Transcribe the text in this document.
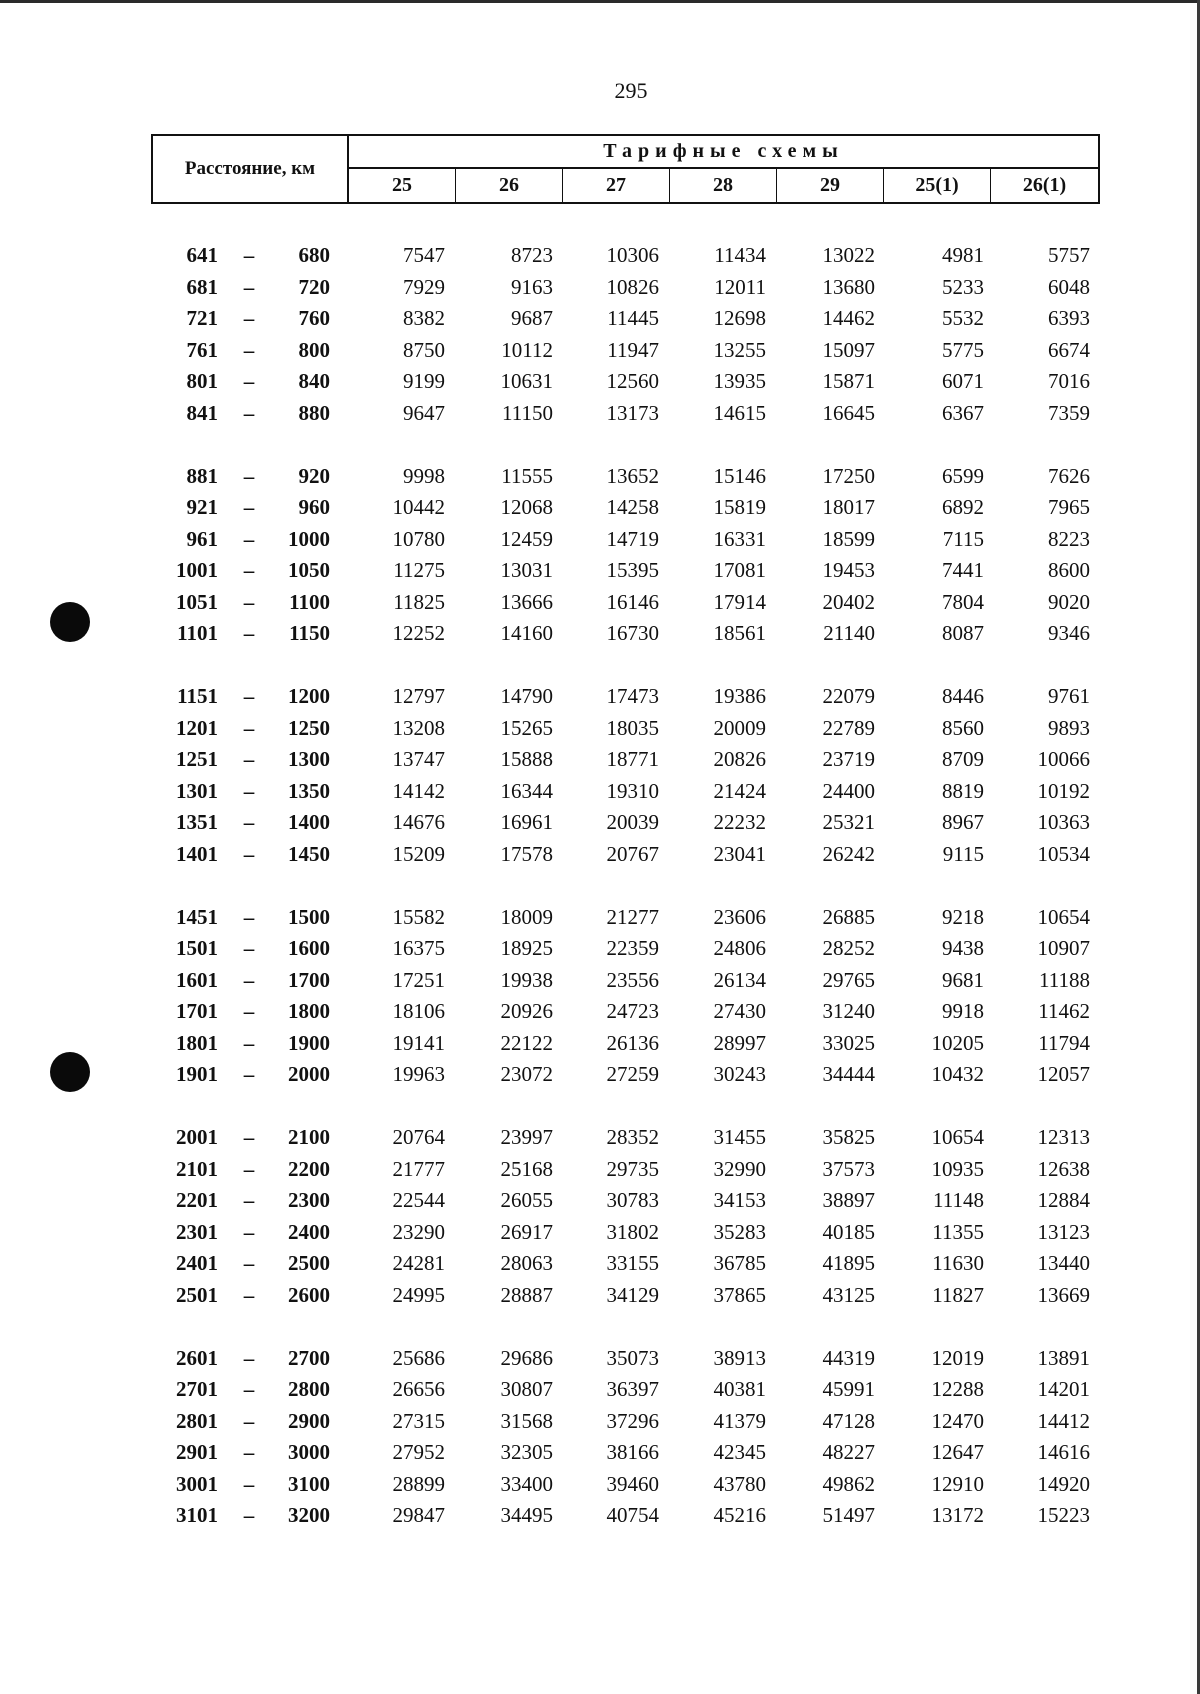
295
Расстояние, км
Тарифные схемы
25	26	27	28	29	25(1)	26(1)
641 –	680	7547	8723	10306	11434	13022	4981	5757
681 –	720	7929	9163	10826	12011	13680	5233	6048
721 –	760	8382	9687	11445	12698	14462	5532	6393
761 –	800	8750	10112	11947	13255	15097	5775	6674
801 –	840	9199	10631	12560	13935	15871	6071	7016
841 –	880	9647	11150	13173	14615	16645	6367	7359
881 –	920	9998	11555	13652	15146	17250	6599	7626
921 –	960	10442	12068	14258	15819	18017	6892	7965
961 –	1000	10780	12459	14719	16331	18599	7115	8223
1001 –	1050	11275	13031	15395	17081	19453	7441	8600
1051 –	1100	11825	13666	16146	17914	20402	7804	9020
1101 –	1150	12252	14160	16730	18561	21140	8087	9346
1151 –	1200	12797	14790	17473	19386	22079	8446	9761
1201 –	1250	13208	15265	18035	20009	22789	8560	9893
1251 –	1300	13747	15888	18771	20826	23719	8709	10066
1301 –	1350	14142	16344	19310	21424	24400	8819	10192
1351 –	1400	14676	16961	20039	22232	25321	8967	10363
1401 –	1450	15209	17578	20767	23041	26242	9115	10534
1451 –	1500	15582	18009	21277	23606	26885	9218	10654
1501 –	1600	16375	18925	22359	24806	28252	9438	10907
1601 –	1700	17251	19938	23556	26134	29765	9681	11188
1701 –	1800	18106	20926	24723	27430	31240	9918	11462
1801 –	1900	19141	22122	26136	28997	33025	10205	11794
1901 –	2000	19963	23072	27259	30243	34444	10432	12057
2001 –	2100	20764	23997	28352	31455	35825	10654	12313
2101 –	2200	21777	25168	29735	32990	37573	10935	12638
2201 –	2300	22544	26055	30783	34153	38897	11148	12884
2301 –	2400	23290	26917	31802	35283	40185	11355	13123
2401 –	2500	24281	28063	33155	36785	41895	11630	13440
2501 –	2600	24995	28887	34129	37865	43125	11827	13669
2601 –	2700	25686	29686	35073	38913	44319	12019	13891
2701 –	2800	26656	30807	36397	40381	45991	12288	14201
2801 –	2900	27315	31568	37296	41379	47128	12470	14412
2901 –	3000	27952	32305	38166	42345	48227	12647	14616
3001 –	3100	28899	33400	39460	43780	49862	12910	14920
3101 –	3200	29847	34495	40754	45216	51497	13172	15223
